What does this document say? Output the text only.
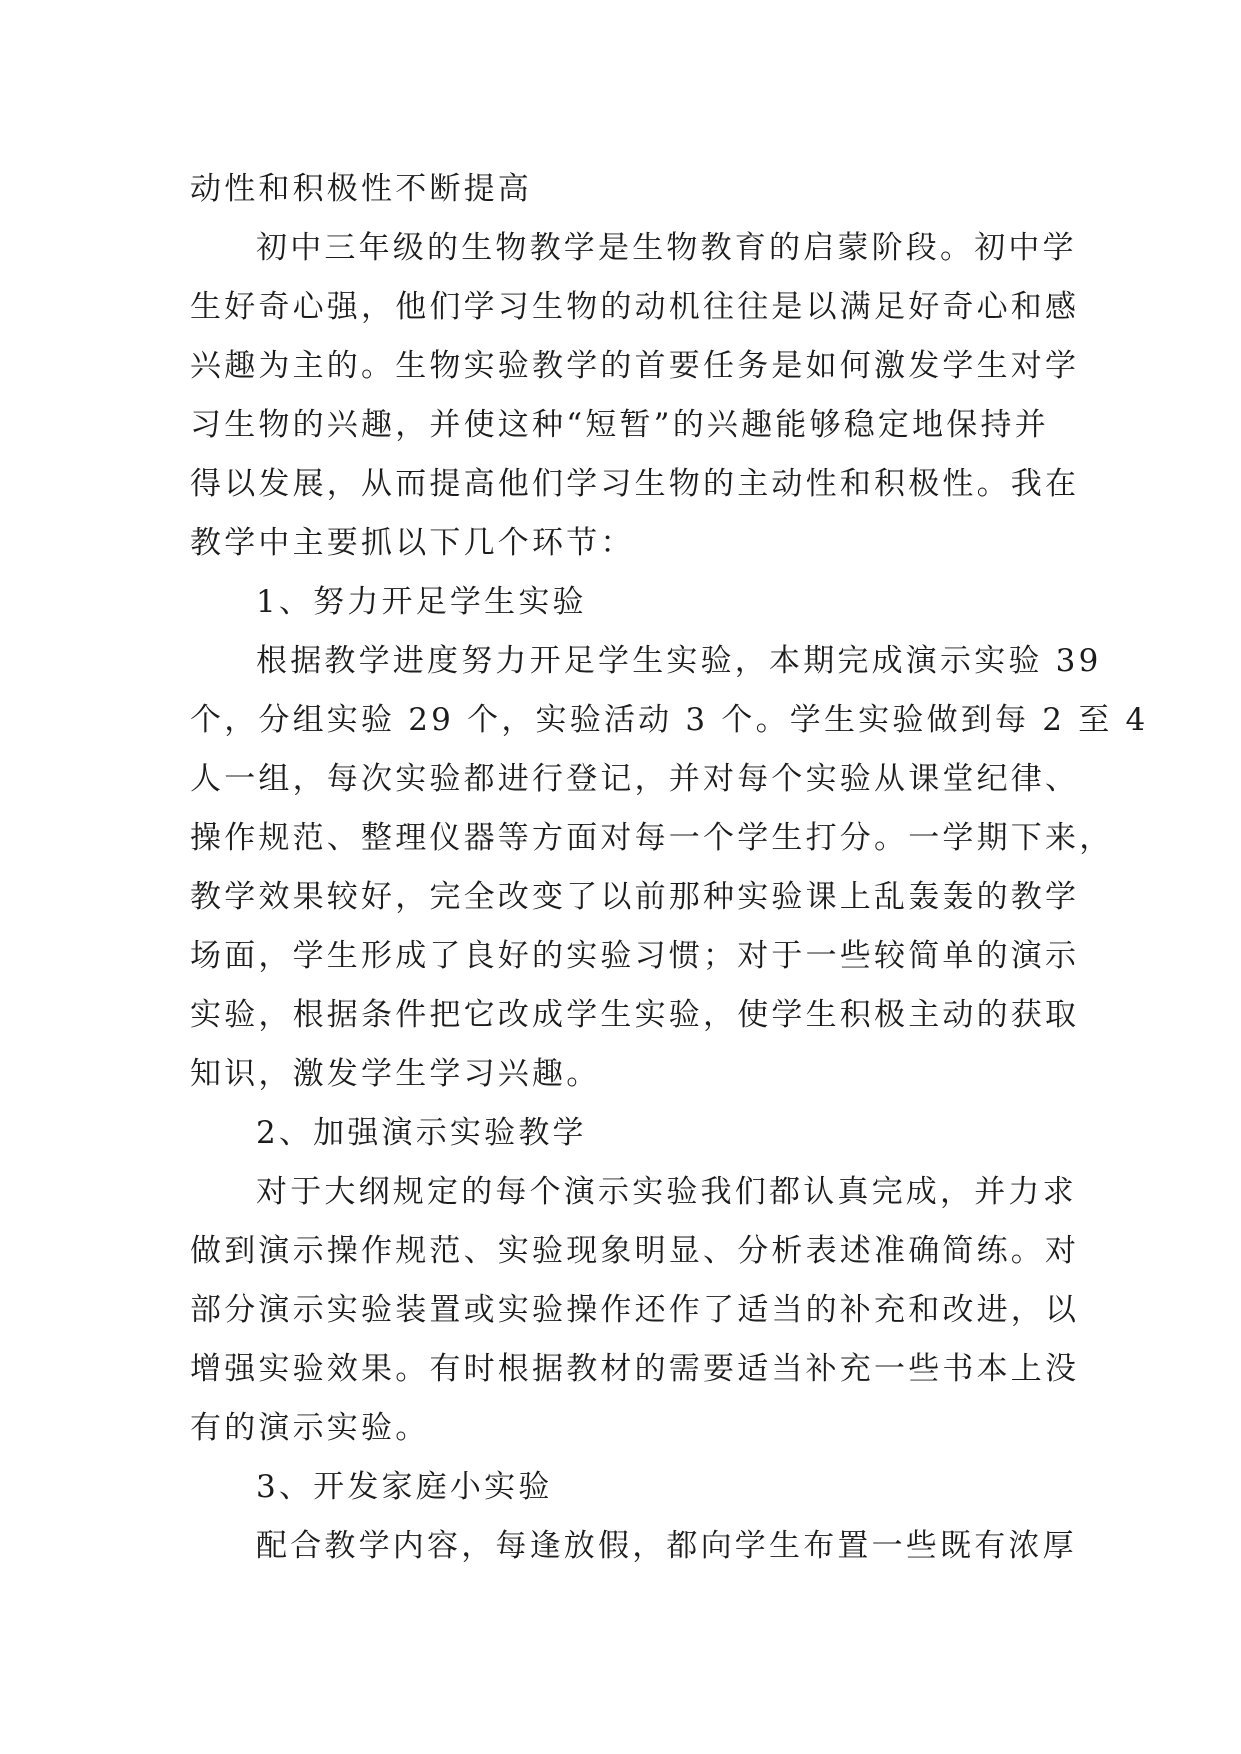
动性和积极性不断提高
初中三年级的生物教学是生物教育的启蒙阶段。初中学
生好奇心强，他们学习生物的动机往往是以满足好奇心和感
兴趣为主的。生物实验教学的首要任务是如何激发学生对学
习生物的兴趣，并使这种“短暂”的兴趣能够稳定地保持并
得以发展，从而提高他们学习生物的主动性和积极性。我在
教学中主要抓以下几个环节：
1、努力开足学生实验
根据教学进度努力开足学生实验，本期完成演示实验 39
个，分组实验 29 个，实验活动 3 个。学生实验做到每 2 至 4
人一组，每次实验都进行登记，并对每个实验从课堂纪律、
操作规范、整理仪器等方面对每一个学生打分。一学期下来，
教学效果较好，完全改变了以前那种实验课上乱轰轰的教学
场面，学生形成了良好的实验习惯；对于一些较简单的演示
实验，根据条件把它改成学生实验，使学生积极主动的获取
知识，激发学生学习兴趣。
2、加强演示实验教学
对于大纲规定的每个演示实验我们都认真完成，并力求
做到演示操作规范、实验现象明显、分析表述准确简练。对
部分演示实验装置或实验操作还作了适当的补充和改进，以
增强实验效果。有时根据教材的需要适当补充一些书本上没
有的演示实验。
3、开发家庭小实验
配合教学内容，每逢放假，都向学生布置一些既有浓厚
